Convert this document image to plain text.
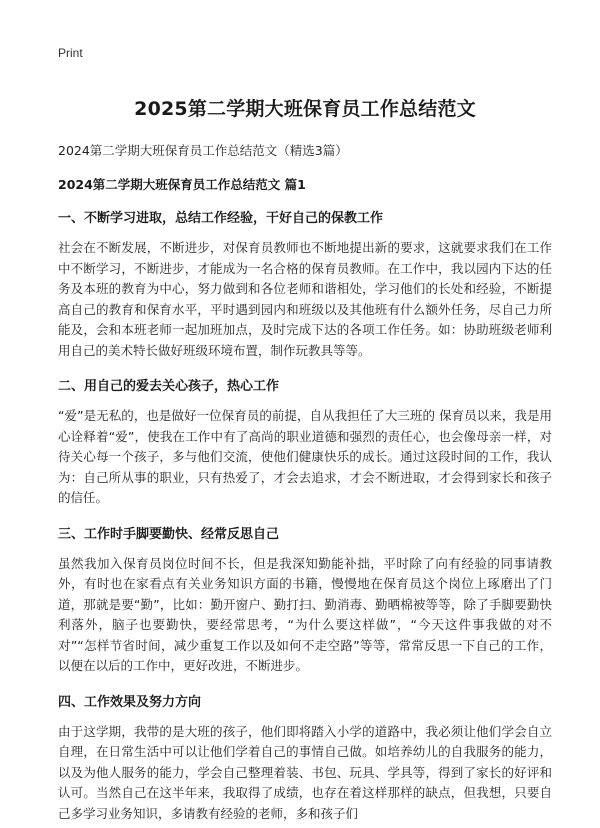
Print
2025第二学期大班保育员工作总结范文
2024第二学期大班保育员工作总结范文（精选3篇）
2024第二学期大班保育员工作总结范文 篇1
一、不断学习进取，总结工作经验，干好自己的保教工作
社会在不断发展，不断进步，对保育员教师也不断地提出新的要求，这就要求我们在工作中不断学习，不断进步，才能成为一名合格的保育员教师。在工作中，我以园内下达的任务及本班的教育为中心，努力做到和各位老师和谐相处，学习他们的长处和经验，不断提高自己的教育和保育水平，平时遇到园内和班级以及其他班有什么额外任务，尽自己力所能及，会和本班老师一起加班加点，及时完成下达的各项工作任务。如：协助班级老师利用自己的美术特长做好班级环境布置，制作玩教具等等。
二、用自己的爱去关心孩子，热心工作
“爱”是无私的，也是做好一位保育员的前提，自从我担任了大三班的 保育员以来，我是用心诠释着“爱”，使我在工作中有了高尚的职业道德和强烈的责任心，也会像母亲一样，对待关心每一个孩子，多与他们交流，使他们健康快乐的成长。通过这段时间的工作，我认为：自己所从事的职业，只有热爱了，才会去追求，才会不断进取，才会得到家长和孩子的信任。
三、工作时手脚要勤快、经常反思自己
虽然我加入保育员岗位时间不长，但是我深知勤能补拙，平时除了向有经验的同事请教外，有时也在家看点有关业务知识方面的书籍，慢慢地在保育员这个岗位上琢磨出了门道，那就是要“勤”，比如：勤开窗户、勤打扫、勤消毒、勤晒棉被等等，除了手脚要勤快利落外，脑子也要勤快，要经常思考，“为什么要这样做”，“今天这件事我做的对不对”“怎样节省时间，减少重复工作以及如何不走空路”等等，常常反思一下自己的工作，以便在以后的工作中，更好改进，不断进步。
四、工作效果及努力方向
由于这学期，我带的是大班的孩子，他们即将踏入小学的道路中，我必须让他们学会自立自理，在日常生活中可以让他们学着自己的事情自己做。如培养幼儿的自我服务的能力，以及为他人服务的能力，学会自己整理着装、书包、玩具、学具等，得到了家长的好评和认可。当然自己在这半年来，我取得了成绩，也存在着这样那样的缺点，但我想，只要自己多学习业务知识，多请教有经验的老师，多和孩子们
